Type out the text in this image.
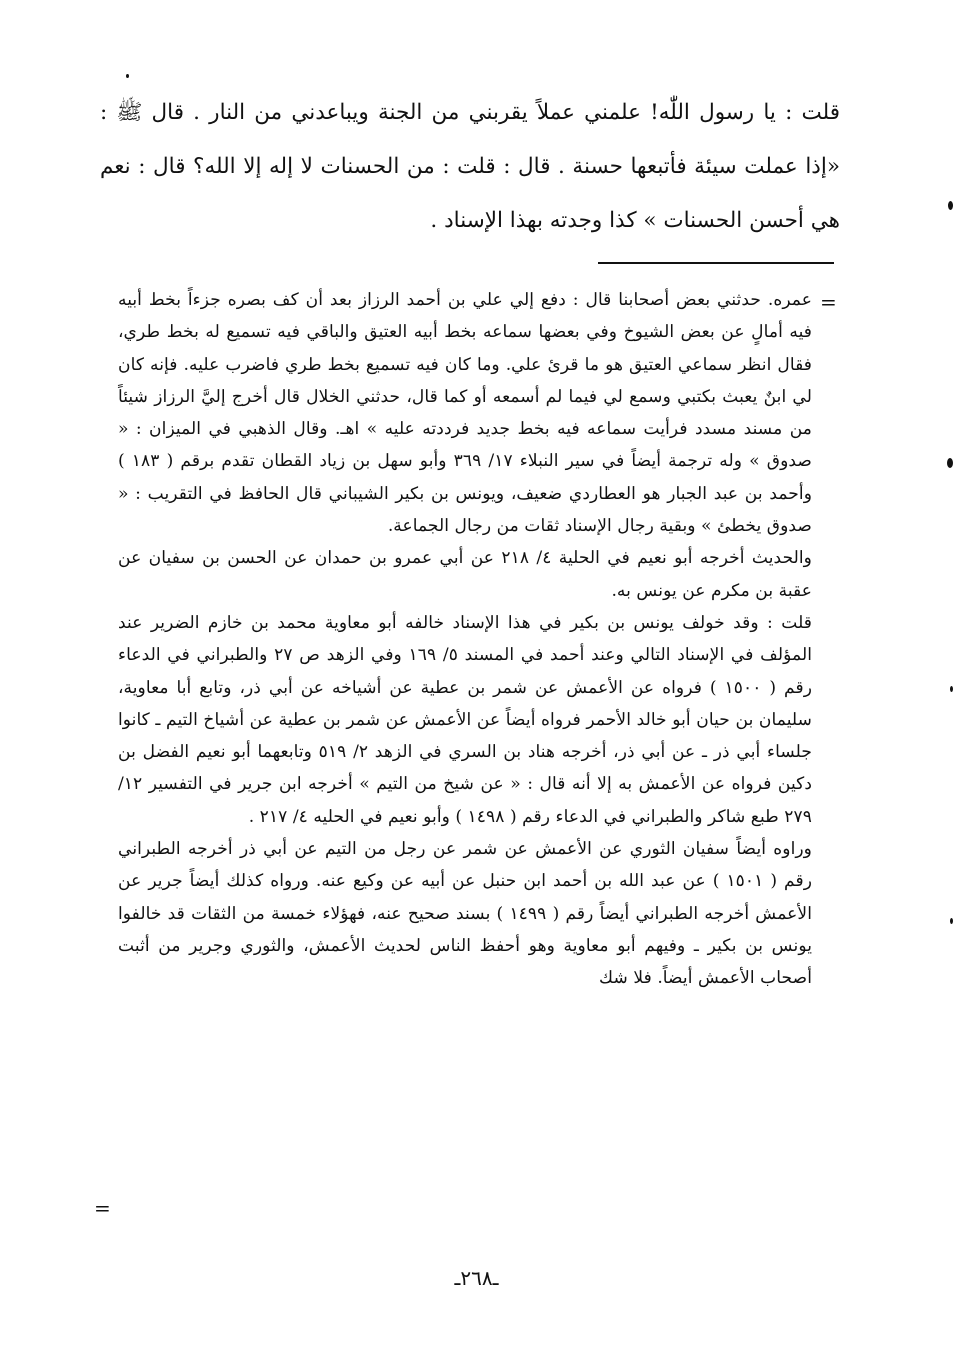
قلت : يا رسول اللّٰه! علمني عملاً يقربني من الجنة ويباعدني من النار . قال ﷺ : «إذا عملت سيئة فأتبعها حسنة . قال : قلت : من الحسنات لا إله إلا الله؟ قال : نعم هي أحسن الحسنات » كذا وجدته بهذا الإسناد .

=

عمره. حدثني بعض أصحابنا قال : دفع إلي علي بن أحمد الرزاز بعد أن كف بصره جزءاً بخط أبيه فيه أمالٍ عن بعض الشيوخ وفي بعضها سماعه بخط أبيه العتيق والباقي فيه تسميع له بخط طري، فقال انظر سماعي العتيق هو ما قرئ علي. وما كان فيه تسميع بخط طري فاضرب عليه. فإنه كان لي ابنٌ يعبث بكتبي وسمع لي فيما لم أسمعه أو كما قال، حدثني الخلال قال أخرج إليَّ الرزاز شيئاً من مسند مسدد فرأيت سماعه فيه بخط جديد فرددته عليه » اهـ. وقال الذهبي في الميزان : « صدوق » وله ترجمة أيضاً في سير النبلاء ١٧/ ٣٦٩ وأبو سهل بن زياد القطان تقدم برقم ( ١٨٣ ) وأحمد بن عبد الجبار هو العطاردي ضعيف، ويونس بن بكير الشيباني قال الحافظ في التقريب : « صدوق يخطئ » وبقية رجال الإسناد ثقات من رجال الجماعة.

والحديث أخرجه أبو نعيم في الحلية ٤/ ٢١٨ عن أبي عمرو بن حمدان عن الحسن بن سفيان عن عقبة بن مكرم عن يونس به.

قلت : وقد خولف يونس بن بكير في هذا الإسناد خالفه أبو معاوية محمد بن خازم الضرير عند المؤلف في الإسناد التالي وعند أحمد في المسند ٥/ ١٦٩ وفي الزهد ص ٢٧ والطبراني في الدعاء رقم ( ١٥٠٠ ) فرواه عن الأعمش عن شمر بن عطية عن أشياخه عن أبي ذر، وتابع أبا معاوية، سليمان بن حيان أبو خالد الأحمر فرواه أيضاً عن الأعمش عن شمر بن عطية عن أشياخ التيم ـ كانوا جلساء أبي ذر ـ عن أبي ذر، أخرجه هناد بن السري في الزهد ٢/ ٥١٩ وتابعهما أبو نعيم الفضل بن دكين فرواه عن الأعمش به إلا أنه قال : « عن شيخ من التيم » أخرجه ابن جرير في التفسير ١٢/ ٢٧٩ طبع شاكر والطبراني في الدعاء رقم ( ١٤٩٨ ) وأبو نعيم في الحليه ٤/ ٢١٧ .

وراوه أيضاً سفيان الثوري عن الأعمش عن شمر عن رجل من التيم عن أبي ذر أخرجه الطبراني رقم ( ١٥٠١ ) عن عبد الله بن أحمد ابن حنبل عن أبيه عن وكيع عنه. ورواه كذلك أيضاً جرير عن الأعمش أخرجه الطبراني أيضاً رقم ( ١٤٩٩ ) بسند صحيح عنه، فهؤلاء خمسة من الثقات قد خالفوا يونس بن بكير ـ وفيهم أبو معاوية وهو أحفظ الناس لحديث الأعمش، والثوري وجرير من أثبت أصحاب الأعمش أيضاً. فلا شك

=
ـ٢٦٨ـ
